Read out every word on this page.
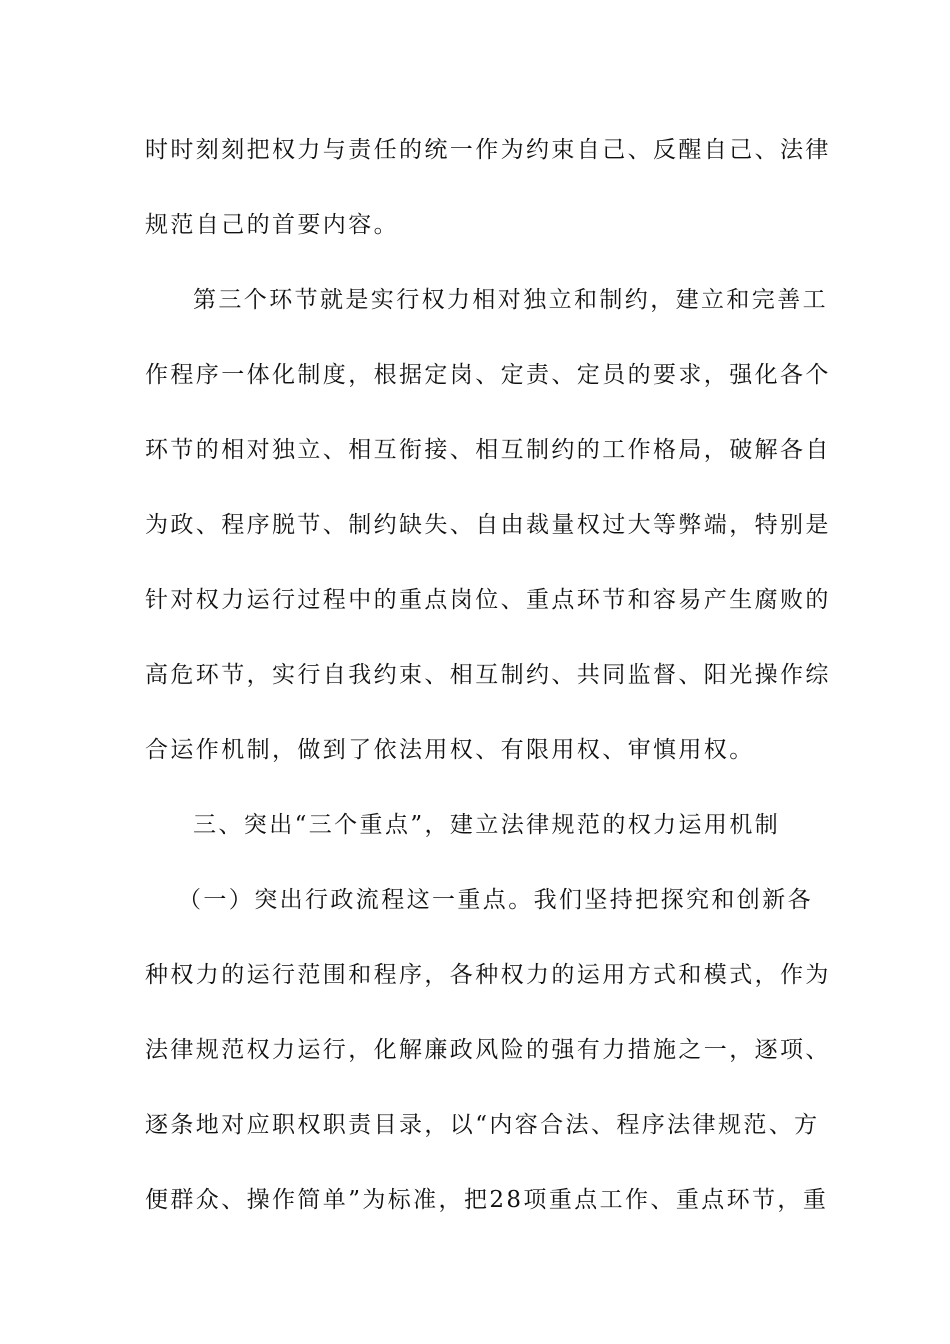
时时刻刻把权力与责任的统一作为约束自己、反醒自己、法律
规范自己的首要内容。
第三个环节就是实行权力相对独立和制约，建立和完善工
作程序一体化制度，根据定岗、定责、定员的要求，强化各个
环节的相对独立、相互衔接、相互制约的工作格局，破解各自
为政、程序脱节、制约缺失、自由裁量权过大等弊端，特别是
针对权力运行过程中的重点岗位、重点环节和容易产生腐败的
高危环节，实行自我约束、相互制约、共同监督、阳光操作综
合运作机制，做到了依法用权、有限用权、审慎用权。
三、突出“三个重点”，建立法律规范的权力运用机制
（一）突出行政流程这一重点。我们坚持把探究和创新各
种权力的运行范围和程序，各种权力的运用方式和模式，作为
法律规范权力运行，化解廉政风险的强有力措施之一，逐项、
逐条地对应职权职责目录，以“内容合法、程序法律规范、方
便群众、操作简单”为标准，把28项重点工作、重点环节，重
